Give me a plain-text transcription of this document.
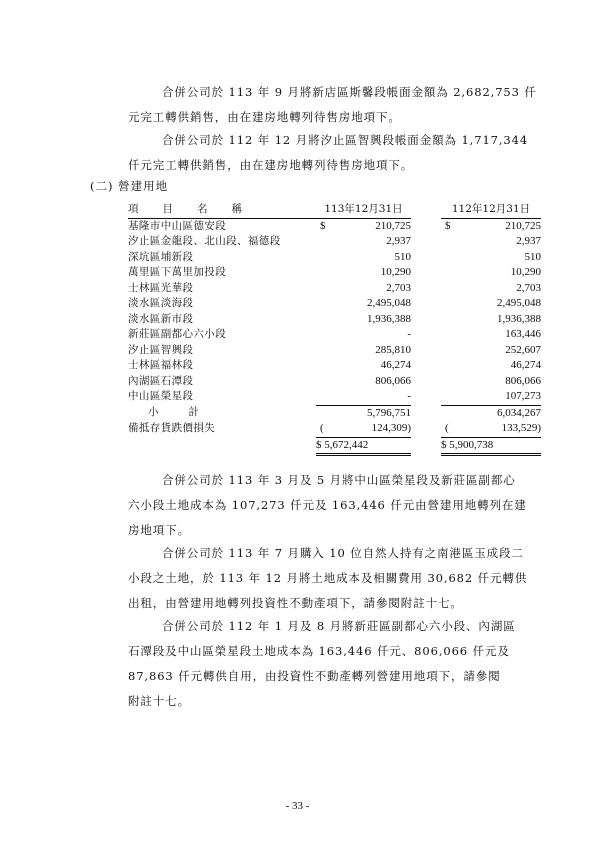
合併公司於 113 年 9 月將新店區斯馨段帳面金額為 2,682,753 仟
元完工轉供銷售，由在建房地轉列待售房地項下。
合併公司於 112 年 12 月將汐止區智興段帳面金額為 1,717,344
仟元完工轉供銷售，由在建房地轉列待售房地項下。
(二) 營建用地
項目名稱		113年12月31日		112年12月31日
基隆市中山區德安段		$ 210,725		$ 210,725
汐止區金龍段、北山段、福德段		2,937		2,937
深坑區埔新段		510		510
萬里區下萬里加投段		10,290		10,290
士林區光華段		2,703		2,703
淡水區淡海段		2,495,048		2,495,048
淡水區新市段		1,936,388		1,936,388
新莊區副都心六小段		-		163,446
汐止區智興段		285,810		252,607
士林區福林段		46,274		46,274
內湖區石潭段		806,066		806,066
中山區榮星段		-		107,273
小計		5,796,751		6,034,267
備抵存貨跌價損失		( 124,309)		( 133,529)
		$ 5,672,442		$ 5,900,738
合併公司於 113 年 3 月及 5 月將中山區榮星段及新莊區副都心
六小段土地成本為 107,273 仟元及 163,446 仟元由營建用地轉列在建
房地項下。
合併公司於 113 年 7 月購入 10 位自然人持有之南港區玉成段二
小段之土地，於 113 年 12 月將土地成本及相關費用 30,682 仟元轉供
出租，由營建用地轉列投資性不動產項下，請參閱附註十七。
合併公司於 112 年 1 月及 8 月將新莊區副都心六小段、內湖區
石潭段及中山區榮星段土地成本為 163,446 仟元、806,066 仟元及
87,863 仟元轉供自用，由投資性不動產轉列營建用地項下，請參閱
附註十七。
- 33 -
